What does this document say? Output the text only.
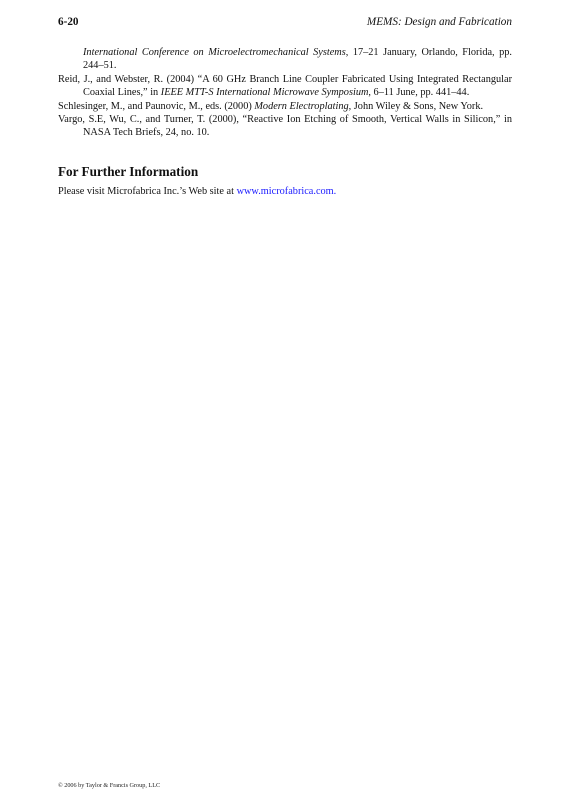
6-20	MEMS: Design and Fabrication

International Conference on Microelectromechanical Systems, 17–21 January, Orlando, Florida, pp. 244–51.

Reid, J., and Webster, R. (2004) “A 60 GHz Branch Line Coupler Fabricated Using Integrated Rectangular Coaxial Lines,” in IEEE MTT-S International Microwave Symposium, 6–11 June, pp. 441–44.

Schlesinger, M., and Paunovic, M., eds. (2000) Modern Electroplating, John Wiley & Sons, New York.

Vargo, S.E, Wu, C., and Turner, T. (2000), “Reactive Ion Etching of Smooth, Vertical Walls in Silicon,” in NASA Tech Briefs, 24, no. 10.

For Further Information

Please visit Microfabrica Inc.’s Web site at www.microfabrica.com.

© 2006 by Taylor & Francis Group, LLC
